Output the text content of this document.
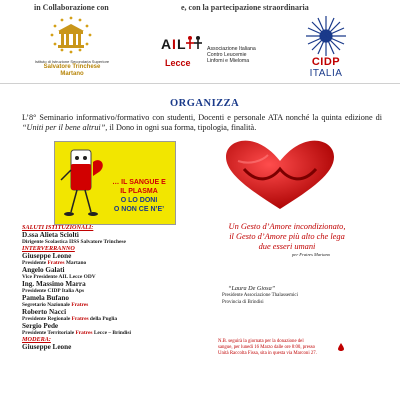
in Collaborazione con	e, con la partecipazione straordinaria
Istituto di Istruzione Secondaria Superiore
Salvatore Trinchese
Martano
A I L
Lecce
Associazione Italiana
Contro Leucemie
Linfomi e Mieloma	CIDP
ITALIA
ORGANIZZA
L’8° Seminario informativo/formativo con studenti, Docenti e personale ATA nonché la quinta edizione di “Uniti per il bene altrui”, il Dono in ogni sua forma, tipologia, finalità.
… IL SANGUE E
IL PLASMA
O LO DONI
O NON CE N’E’
Un Gesto d’Amore incondizionato,
il Gesto d’Amore più alto che lega
due esseri umani
per Fratres Martano
“Laura De Giosa”
Presidente Associazione Thalassemici
Provincia di Brindisi
N.B. seguirà la giornata per la donazione del
sangue, per lunedì 16 Marzo dalle ore 8:00, presso
Unità Raccolta Fissa, sita in questa via Marconi 27.
SALUTI ISTITUZIONALI:
D.ssa Alieta Scioltì
Dirigente Scolastica IISS Salvatore Trinchese
INTERVERRANNO
Giuseppe Leone
Presidente Fratres Martano
Angelo Galati
Vice Presidente AIL Lecce ODV
Ing. Massimo Marra
Presidente CIDP Italia Aps
Pamela Bufano
Segretario Nazionale Fratres
Roberto Nacci
Presidente Regionale Fratres della Puglia
Sergio Pede
Presidente Territoriale Fratres Lecce – Brindisi
MODERA:
Giuseppe Leone
